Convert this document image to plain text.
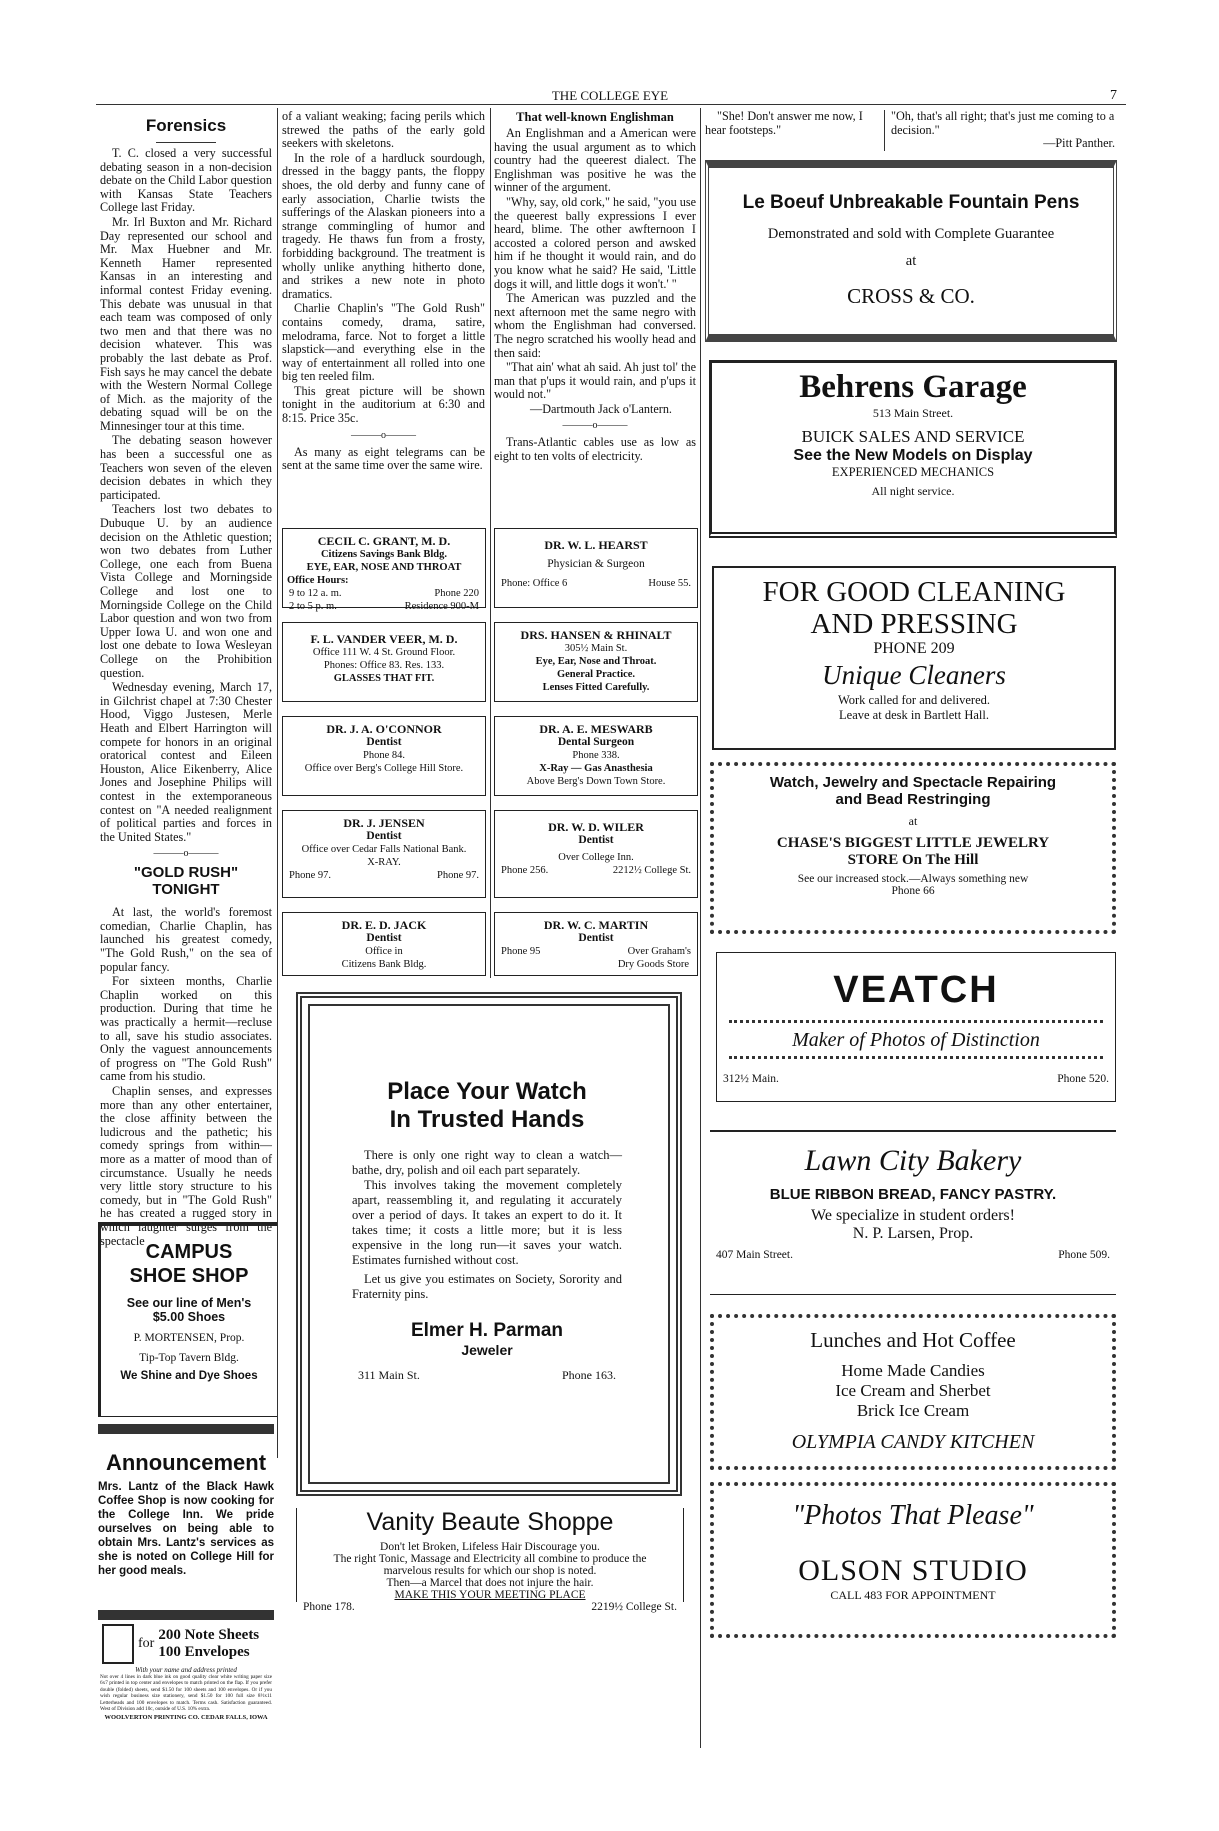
THE COLLEGE EYE	7
Forensics

T. C. closed a very successful debating season in a non-decision debate on the Child Labor question with Kansas State Teachers College last Friday.

Mr. Irl Buxton and Mr. Richard Day represented our school and Mr. Max Huebner and Mr. Kenneth Hamer represented Kansas in an interesting and informal contest Friday evening. This debate was unusual in that each team was composed of only two men and that there was no decision whatever. This was probably the last debate as Prof. Fish says he may cancel the debate with the Western Normal College of Mich. as the majority of the debating squad will be on the Minnesinger tour at this time.

The debating season however has been a successful one as Teachers won seven of the eleven decision debates in which they participated.

Teachers lost two debates to Dubuque U. by an audience decision on the Athletic question; won two debates from Luther College, one each from Buena Vista College and Morningside College and lost one to Morningside College on the Child Labor question and won two from Upper Iowa U. and won one and lost one debate to Iowa Wesleyan College on the Prohibition question.

Wednesday evening, March 17, in Gilchrist chapel at 7:30 Chester Hood, Viggo Justesen, Merle Heath and Elbert Harrington will compete for honors in an original oratorical contest and Eileen Houston, Alice Eikenberry, Alice Jones and Josephine Philips will contest in the extemporaneous contest on "A needed realignment of political parties and forces in the United States."

———o———
"GOLD RUSH" TONIGHT

At last, the world's foremost comedian, Charlie Chaplin, has launched his greatest comedy, "The Gold Rush," on the sea of popular fancy.

For sixteen months, Charlie Chaplin worked on this production. During that time he was practically a hermit—recluse to all, save his studio associates. Only the vaguest announcements of progress on "The Gold Rush" came from his studio.

Chaplin senses, and expresses more than any other entertainer, the close affinity between the ludicrous and the pathetic; his comedy springs from within—more as a matter of mood than of circumstance. Usually he needs very little story structure to his comedy, but in "The Gold Rush" he has created a rugged story in which laughter surges from the spectacle

CAMPUS
SHOE SHOP
See our line of Men's
$5.00 Shoes
P. MORTENSEN, Prop.
Tip-Top Tavern Bldg.
We Shine and Dye Shoes
Announcement
Mrs. Lantz of the Black Hawk Coffee Shop is now cooking for the College Inn. We pride ourselves on being able to obtain Mrs. Lantz's services as she is noted on College Hill for her good meals.
for
200 Note Sheets
100 Envelopes
With your name and address printed
Not over 4 lines in dark blue ink on good quality clear white writing paper size 6x7 printed in top center and envelopes to match printed on the flap. If you prefer double (folded) sheets, send $1.50 for 100 sheets and 100 envelopes. Or if you wish regular business size stationery, send $1.50 for 100 full size 8½x11 Letterheads and 100 envelopes to match. Terms cash. Satisfaction guaranteed. West of Division add 10c, outside of U.S. 10% extra.
WOOLVERTON PRINTING CO. CEDAR FALLS, IOWA

of a valiant weaking; facing perils which strewed the paths of the early gold seekers with skeletons.

In the role of a hardluck sourdough, dressed in the baggy pants, the floppy shoes, the old derby and funny cane of early association, Charlie twists the sufferings of the Alaskan pioneers into a strange commingling of humor and tragedy. He thaws fun from a frosty, forbidding background. The treatment is wholly unlike anything hitherto done, and strikes a new note in photo dramatics.

Charlie Chaplin's "The Gold Rush" contains comedy, drama, satire, melodrama, farce. Not to forget a little slapstick—and everything else in the way of entertainment all rolled into one big ten reeled film.

This great picture will be shown tonight in the auditorium at 6:30 and 8:15. Price 35c.

———o———

As many as eight telegrams can be sent at the same time over the same wire.

That well-known Englishman

An Englishman and a American were having the usual argument as to which country had the queerest dialect. The Englishman was positive he was the winner of the argument.

"Why, say, old cork," he said, "you use the queerest bally expressions I ever heard, blime. The other awfternoon I accosted a colored person and awsked him if he thought it would rain, and do you know what he said? He said, 'Little dogs it will, and little dogs it won't.' "

The American was puzzled and the next afternoon met the same negro with whom the Englishman had conversed. The negro scratched his woolly head and then said:

"That ain' what ah said. Ah just tol' the man that p'ups it would rain, and p'ups it would not."

—Dartmouth Jack o'Lantern.

———o———

Trans-Atlantic cables use as low as eight to ten volts of electricity.

CECIL C. GRANT, M. D.
Citizens Savings Bank Bldg.
EYE, EAR, NOSE AND THROAT
Office Hours:
9 to 12 a. m.	Phone 220
2 to 5 p. m.	Residence 900-M
DR. W. L. HEARST
Physician & Surgeon
Phone: Office 6	House 55.
F. L. VANDER VEER, M. D.
Office 111 W. 4 St. Ground Floor.
Phones: Office 83. Res. 133.
GLASSES THAT FIT.
DRS. HANSEN & RHINALT
305½ Main St.
Eye, Ear, Nose and Throat.
General Practice.
Lenses Fitted Carefully.
DR. J. A. O'CONNOR
Dentist
Phone 84.
Office over Berg's College Hill Store.
DR. A. E. MESWARB
Dental Surgeon
Phone 338.
X-Ray — Gas Anasthesia
Above Berg's Down Town Store.
DR. J. JENSEN
Dentist
Office over Cedar Falls National Bank.
X-RAY.
Phone 97.	Phone 97.
DR. W. D. WILER
Dentist
Over College Inn.
Phone 256.	2212½ College St.
DR. E. D. JACK
Dentist
Office in
Citizens Bank Bldg.
DR. W. C. MARTIN
Dentist
Phone 95	Over Graham's
Dry Goods Store
Place Your Watch
In Trusted Hands
There is only one right way to clean a watch—bathe, dry, polish and oil each part separately.
This involves taking the movement completely apart, reassembling it, and regulating it accurately over a period of days. It takes an expert to do it. It takes time; it costs a little more; but it is less expensive in the long run—it saves your watch. Estimates furnished without cost.
Let us give you estimates on Society, Sorority and Fraternity pins.
Elmer H. Parman
Jeweler
311 Main St.	Phone 163.
Vanity Beaute Shoppe
Don't let Broken, Lifeless Hair Discourage you.
The right Tonic, Massage and Electricity all combine to produce the marvelous results for which our shop is noted.
Then—a Marcel that does not injure the hair.
MAKE THIS YOUR MEETING PLACE
Phone 178.	2219½ College St.
"She! Don't answer me now, I hear footsteps."
"Oh, that's all right; that's just me coming to a decision."
—Pitt Panther.
Le Boeuf Unbreakable Fountain Pens
Demonstrated and sold with Complete Guarantee
at
CROSS & CO.
Behrens Garage
513 Main Street.
BUICK SALES AND SERVICE
See the New Models on Display
EXPERIENCED MECHANICS
All night service.
FOR GOOD CLEANING
AND PRESSING
PHONE 209
Unique Cleaners
Work called for and delivered.
Leave at desk in Bartlett Hall.
Watch, Jewelry and Spectacle Repairing
and Bead Restringing
at
CHASE'S BIGGEST LITTLE JEWELRY
STORE On The Hill
See our increased stock.—Always something new
Phone 66
VEATCH
Maker of Photos of Distinction
312½ Main.	Phone 520.
Lawn City Bakery
BLUE RIBBON BREAD, FANCY PASTRY.
We specialize in student orders!
N. P. Larsen, Prop.
407 Main Street.	Phone 509.
Lunches and Hot Coffee
Home Made Candies
Ice Cream and Sherbet
Brick Ice Cream
OLYMPIA CANDY KITCHEN
"Photos That Please"
OLSON STUDIO
CALL 483 FOR APPOINTMENT
